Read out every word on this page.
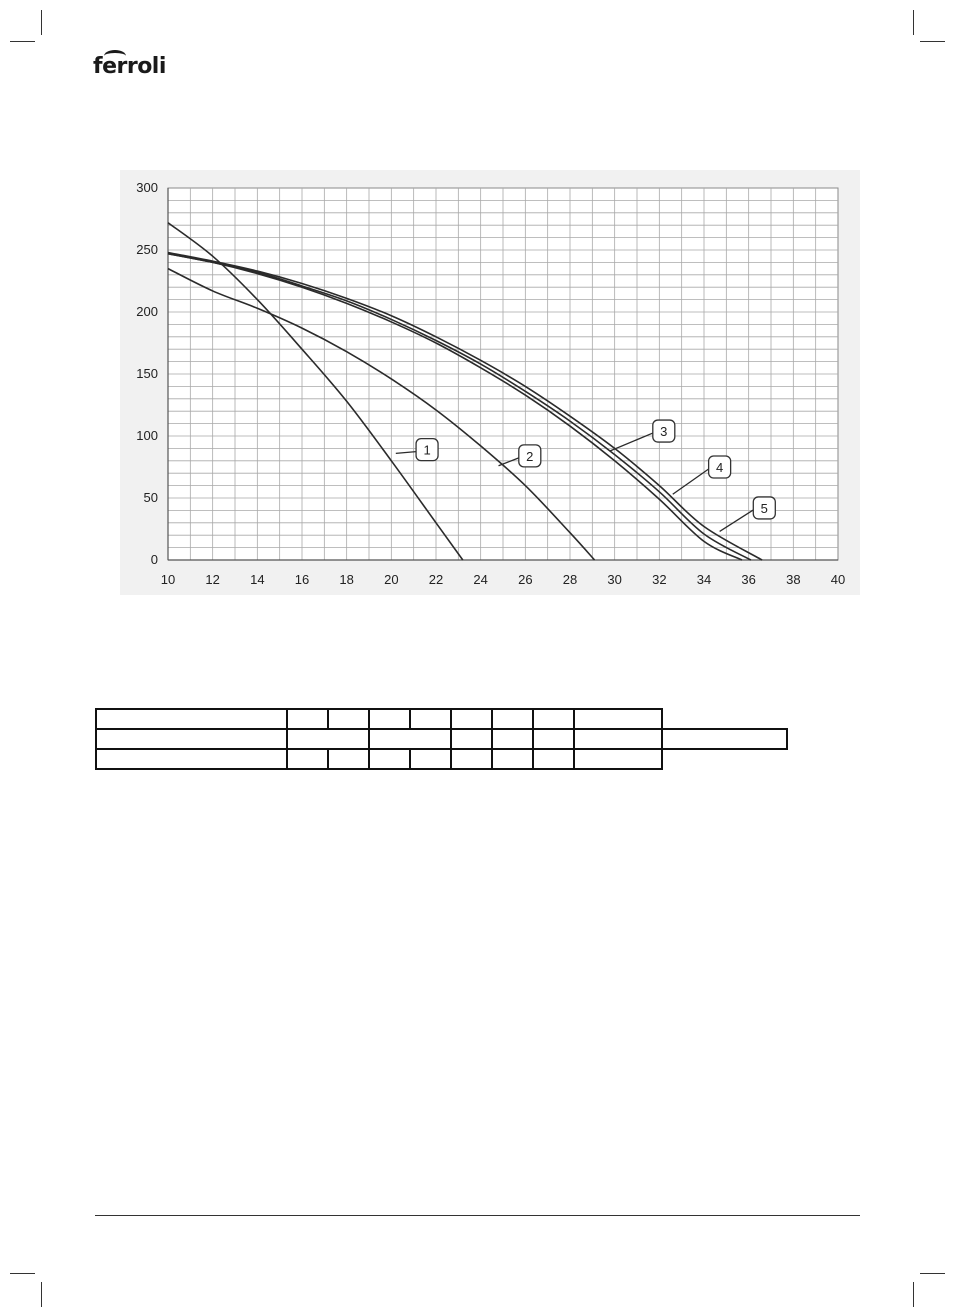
ferroli
10 12 14 16 18 20 22 24 26 28 30 32 34 36 38 40
0
50
100
150
200
250
300
1	2
3
4
5
